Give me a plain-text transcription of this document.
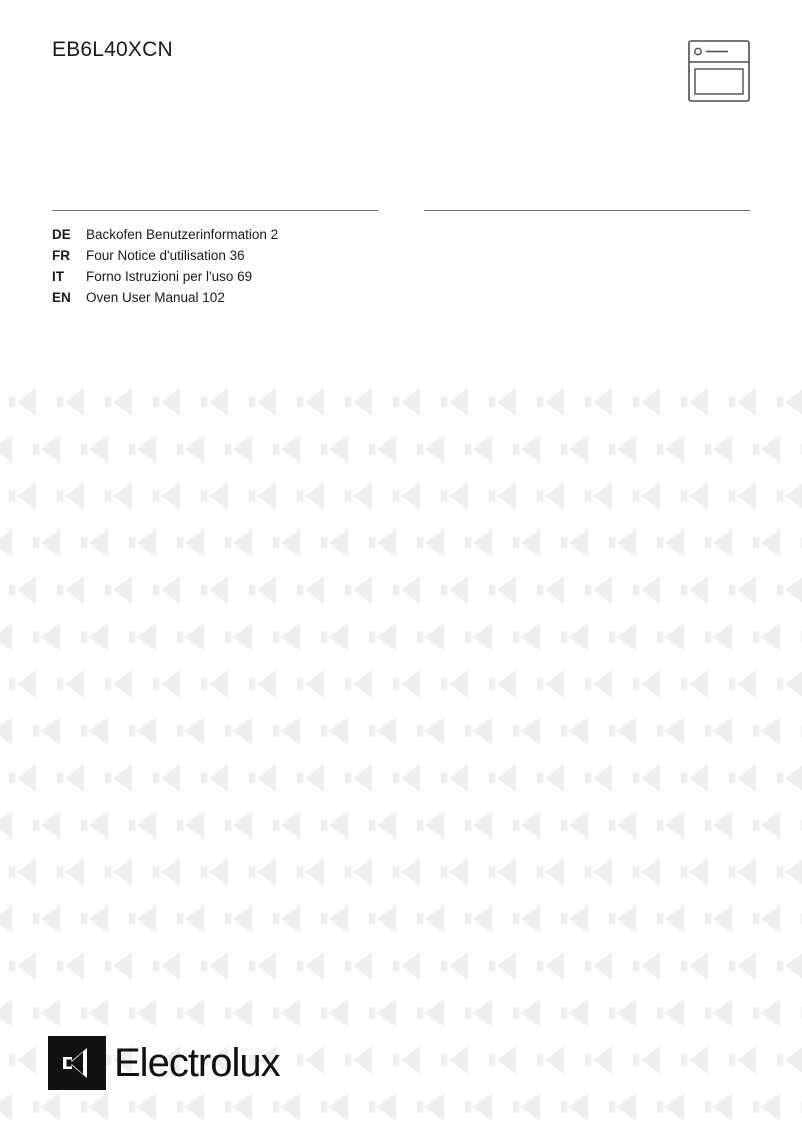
EB6L40XCN
DE	Backofen Benutzerinformation 2
FR	Four Notice d'utilisation 36
IT	Forno Istruzioni per l'uso 69
EN	Oven User Manual 102
Electrolux
